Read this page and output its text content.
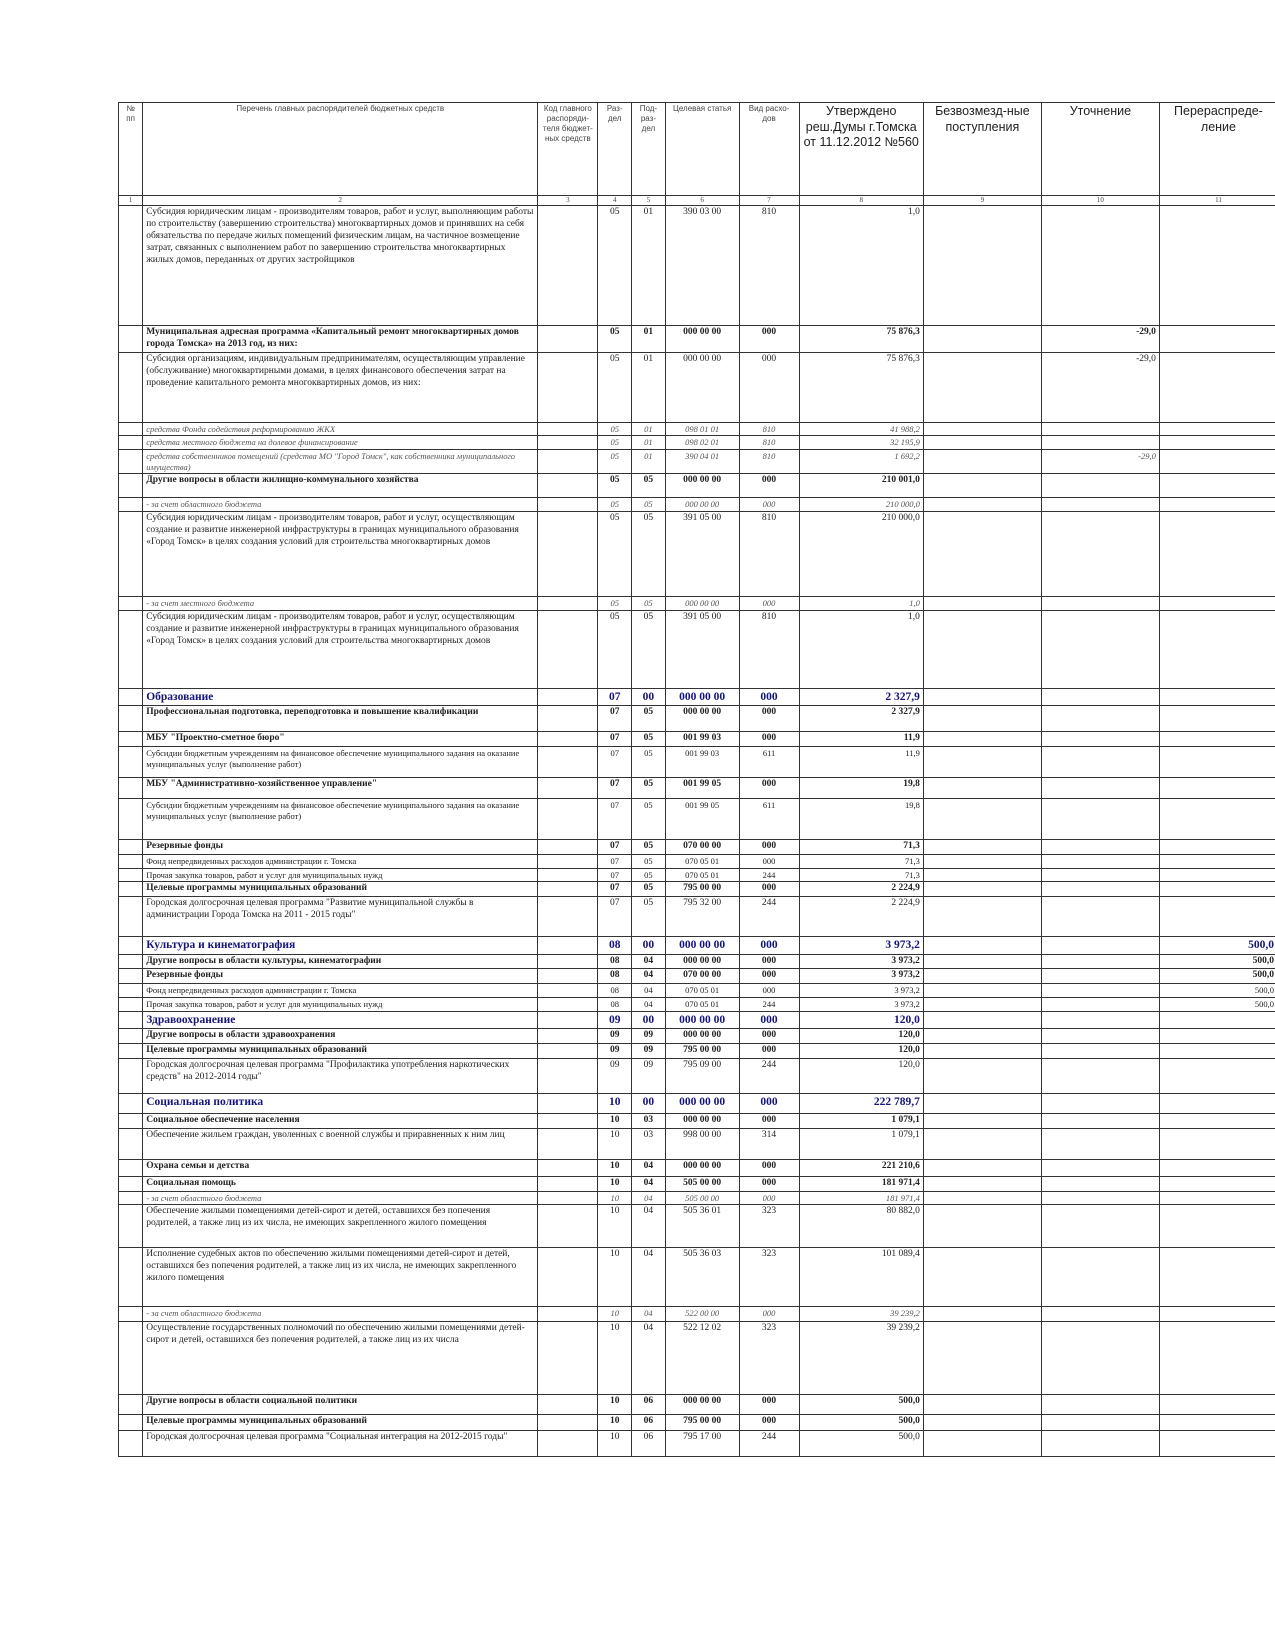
№ пп	Перечень главных распорядителей бюджетных средств	Код главного распоряди-теля бюджет-ных средств	Раз-дел	Под-раз-дел	Целевая статья	Вид расхо-дов	Утверждено реш.Думы г.Томска от 11.12.2012 №560	Безвозмезд-ные поступления	Уточнение	Перераспреде-ление
1	2	3	4	5	6	7	8	9	10	11
	Субсидия юридическим лицам - производителям товаров, работ и услуг, выполняющим работы по строительству (завершению строительства) многоквартирных домов и принявших на себя обязательства по передаче жилых помещений физическим лицам, на частичное возмещение затрат, связанных с выполнением работ по завершению строительства многоквартирных жилых домов, переданных от других застройщиков		05	01	390 03 00	810	1,0			
	Муниципальная адресная программа «Капитальный ремонт многоквартирных домов города Томска» на 2013 год, из них:		05	01	000 00 00	000	75 876,3		-29,0	
	Субсидия организациям, индивидуальным предпринимателям, осуществляющим управление (обслуживание) многоквартирными домами, в целях финансового обеспечения затрат на проведение капитального ремонта многоквартирных домов, из них:		05	01	000 00 00	000	75 876,3		-29,0	
	средства Фонда содействия реформированию ЖКХ		05	01	098 01 01	810	41 988,2			
	средства местного бюджета на долевое финансирование		05	01	098 02 01	810	32 195,9			
	средства собственников помещений (средства МО "Город Томск", как собственника муниципального имущества)		05	01	390 04 01	810	1 692,2		-29,0	
	Другие вопросы в области жилищно-коммунального хозяйства		05	05	000 00 00	000	210 001,0			
	- за счет областного бюджета		05	05	000 00 00	000	210 000,0			
	Субсидия юридическим лицам - производителям товаров, работ и услуг, осуществляющим создание и развитие инженерной инфраструктуры в границах муниципального образования «Город Томск» в целях создания условий для строительства многоквартирных домов		05	05	391 05 00	810	210 000,0			
	- за счет местного бюджета		05	05	000 00 00	000	1,0			
	Субсидия юридическим лицам - производителям товаров, работ и услуг, осуществляющим создание и развитие инженерной инфраструктуры в границах муниципального образования «Город Томск» в целях создания условий для строительства многоквартирных домов		05	05	391 05 00	810	1,0			
	Образование		07	00	000 00 00	000	2 327,9			
	Профессиональная подготовка, переподготовка и повышение квалификации		07	05	000 00 00	000	2 327,9			
	МБУ "Проектно-сметное бюро"		07	05	001 99 03	000	11,9			
	Субсидии бюджетным учреждениям на финансовое обеспечение муниципального задания на оказание муниципальных услуг (выполнение работ)		07	05	001 99 03	611	11,9			
	МБУ "Административно-хозяйственное управление"		07	05	001 99 05	000	19,8			
	Субсидии бюджетным учреждениям на финансовое обеспечение муниципального задания на оказание муниципальных услуг (выполнение работ)		07	05	001 99 05	611	19,8			
	Резервные фонды		07	05	070 00 00	000	71,3			
	Фонд непредвиденных расходов администрации г. Томска		07	05	070 05 01	000	71,3			
	Прочая закупка товаров, работ и услуг для муниципальных нужд		07	05	070 05 01	244	71,3			
	Целевые программы муниципальных образований		07	05	795 00 00	000	2 224,9			
	Городская долгосрочная целевая программа "Развитие муниципальной службы в администрации Города Томска на 2011 - 2015 годы"		07	05	795 32 00	244	2 224,9			
	Культура и кинематография		08	00	000 00 00	000	3 973,2			500,0
	Другие вопросы в области культуры, кинематографии		08	04	000 00 00	000	3 973,2			500,0
	Резервные фонды		08	04	070 00 00	000	3 973,2			500,0
	Фонд непредвиденных расходов администрации г. Томска		08	04	070 05 01	000	3 973,2			500,0
	Прочая закупка товаров, работ и услуг для муниципальных нужд		08	04	070 05 01	244	3 973,2			500,0
	Здравоохранение		09	00	000 00 00	000	120,0			
	Другие вопросы в области здравоохранения		09	09	000 00 00	000	120,0			
	Целевые программы муниципальных образований		09	09	795 00 00	000	120,0			
	Городская долгосрочная целевая программа "Профилактика употребления наркотических средств" на 2012-2014 годы"		09	09	795 09 00	244	120,0			
	Социальная политика		10	00	000 00 00	000	222 789,7			
	Социальное обеспечение населения		10	03	000 00 00	000	1 079,1			
	Обеспечение жильем граждан, уволенных с военной службы и приравненных к ним лиц		10	03	998 00 00	314	1 079,1			
	Охрана семьи и детства		10	04	000 00 00	000	221 210,6			
	Социальная помощь		10	04	505 00 00	000	181 971,4			
	- за счет областного бюджета		10	04	505 00 00	000	181 971,4			
	Обеспечение жилыми помещениями детей-сирот и детей, оставшихся без попечения родителей, а также лиц из их числа, не имеющих закрепленного жилого помещения		10	04	505 36 01	323	80 882,0			
	Исполнение судебных актов по обеспечению жилыми помещениями детей-сирот и детей, оставшихся без попечения родителей, а также лиц из их числа, не имеющих закрепленного жилого помещения		10	04	505 36 03	323	101 089,4			
	- за счет областного бюджета		10	04	522 00 00	000	39 239,2			
	Осуществление государственных полномочий по обеспечению жилыми помещениями детей-сирот и детей, оставшихся без попечения родителей, а также лиц из их числа		10	04	522 12 02	323	39 239,2			
	Другие вопросы в области социальной политики		10	06	000 00 00	000	500,0			
	Целевые программы муниципальных образований		10	06	795 00 00	000	500,0			
	Городская долгосрочная целевая программа "Социальная интеграция на 2012-2015 годы"		10	06	795 17 00	244	500,0			
